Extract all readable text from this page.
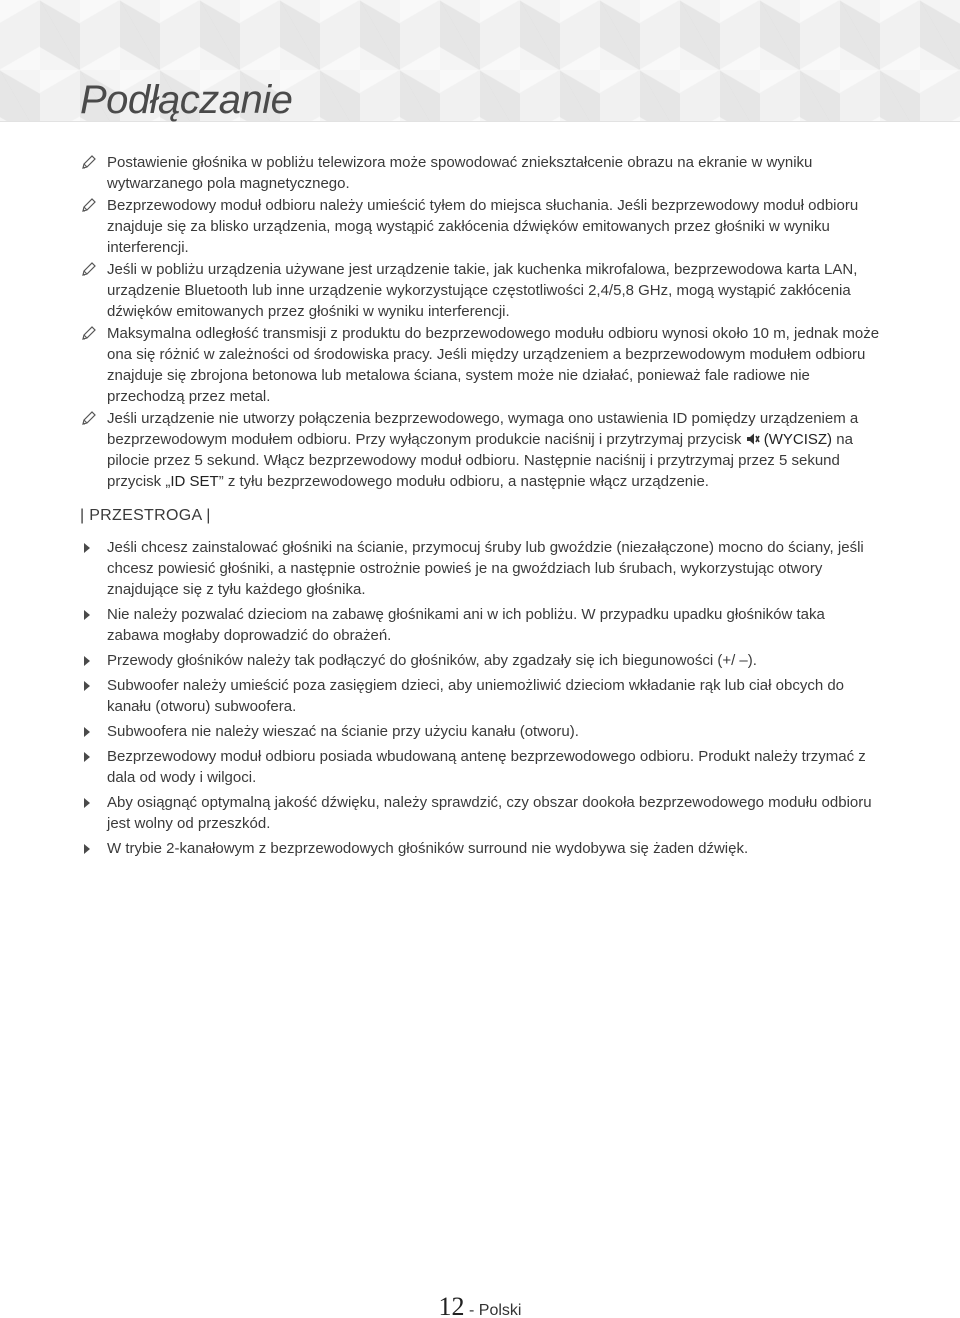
Podłączanie
Postawienie głośnika w pobliżu telewizora może spowodować zniekształcenie obrazu na ekranie w wyniku wytwarzanego pola magnetycznego.
Bezprzewodowy moduł odbioru należy umieścić tyłem do miejsca słuchania. Jeśli bezprzewodowy moduł odbioru znajduje się za blisko urządzenia, mogą wystąpić zakłócenia dźwięków emitowanych przez głośniki w wyniku interferencji.
Jeśli w pobliżu urządzenia używane jest urządzenie takie, jak kuchenka mikrofalowa, bezprzewodowa karta LAN, urządzenie Bluetooth lub inne urządzenie wykorzystujące częstotliwości 2,4/5,8 GHz, mogą wystąpić zakłócenia dźwięków emitowanych przez głośniki w wyniku interferencji.
Maksymalna odległość transmisji z produktu do bezprzewodowego modułu odbioru wynosi około 10 m, jednak może ona się różnić w zależności od środowiska pracy. Jeśli między urządzeniem a bezprzewodowym modułem odbioru znajduje się zbrojona betonowa lub metalowa ściana, system może nie działać, ponieważ fale radiowe nie przechodzą przez metal.
Jeśli urządzenie nie utworzy połączenia bezprzewodowego, wymaga ono ustawienia ID pomiędzy urządzeniem a bezprzewodowym modułem odbioru. Przy wyłączonym produkcie naciśnij i przytrzymaj przycisk  (WYCISZ) na pilocie przez 5 sekund. Włącz bezprzewodowy moduł odbioru. Następnie naciśnij i przytrzymaj przez 5 sekund przycisk „ID SET” z tyłu bezprzewodowego modułu odbioru, a następnie włącz urządzenie.
| PRZESTROGA |
Jeśli chcesz zainstalować głośniki na ścianie, przymocuj śruby lub gwoździe (niezałączone) mocno do ściany, jeśli chcesz powiesić głośniki, a następnie ostrożnie powieś je na gwoździach lub śrubach, wykorzystując otwory znajdujące się z tyłu każdego głośnika.
Nie należy pozwalać dzieciom na zabawę głośnikami ani w ich pobliżu. W przypadku upadku głośników taka zabawa mogłaby doprowadzić do obrażeń.
Przewody głośników należy tak podłączyć do głośników, aby zgadzały się ich biegunowości (+/ –).
Subwoofer należy umieścić poza zasięgiem dzieci, aby uniemożliwić dzieciom wkładanie rąk lub ciał obcych do kanału (otworu) subwoofera.
Subwoofera nie należy wieszać na ścianie przy użyciu kanału (otworu).
Bezprzewodowy moduł odbioru posiada wbudowaną antenę bezprzewodowego odbioru. Produkt należy trzymać z dala od wody i wilgoci.
Aby osiągnąć optymalną jakość dźwięku, należy sprawdzić, czy obszar dookoła bezprzewodowego modułu odbioru jest wolny od przeszkód.
W trybie 2-kanałowym z bezprzewodowych głośników surround nie wydobywa się żaden dźwięk.
12 - Polski
